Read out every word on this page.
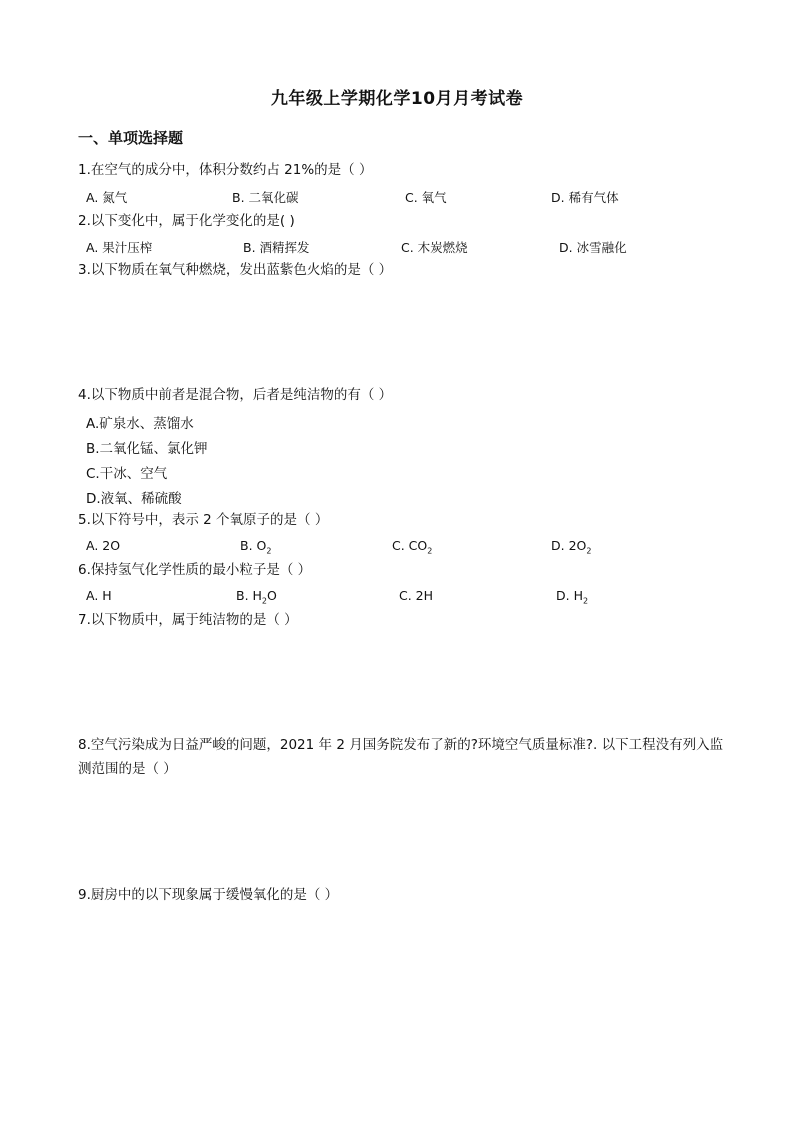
九年级上学期化学10月月考试卷
一、单项选择题
1.在空气的成分中，体积分数约占 21%的是（ ）
A. 氮气	B. 二氧化碳	C. 氧气	D. 稀有气体
2.以下变化中，属于化学变化的是( )
A. 果汁压榨	B. 酒精挥发	C. 木炭燃烧	D. 冰雪融化
3.以下物质在氧气种燃烧，发出蓝紫色火焰的是（ ）
4.以下物质中前者是混合物，后者是纯洁物的有（ ）
A.矿泉水、蒸馏水
B.二氧化锰、氯化钾
C.干冰、空气
D.液氧、稀硫酸
5.以下符号中，表示 2 个氧原子的是（ ）
A. 2O	B. $O_2$	C. $CO_2$	D. $2O_2$
6.保持氢气化学性质的最小粒子是（ ）
A. H	B. $H_2O$	C. 2H	D. $H_2$
7.以下物质中，属于纯洁物的是（ ）
8.空气污染成为日益严峻的问题，2021 年 2 月国务院发布了新的?环境空气质量标准?. 以下工程没有列入监测范围的是（ ）
9.厨房中的以下现象属于缓慢氧化的是（ ）
